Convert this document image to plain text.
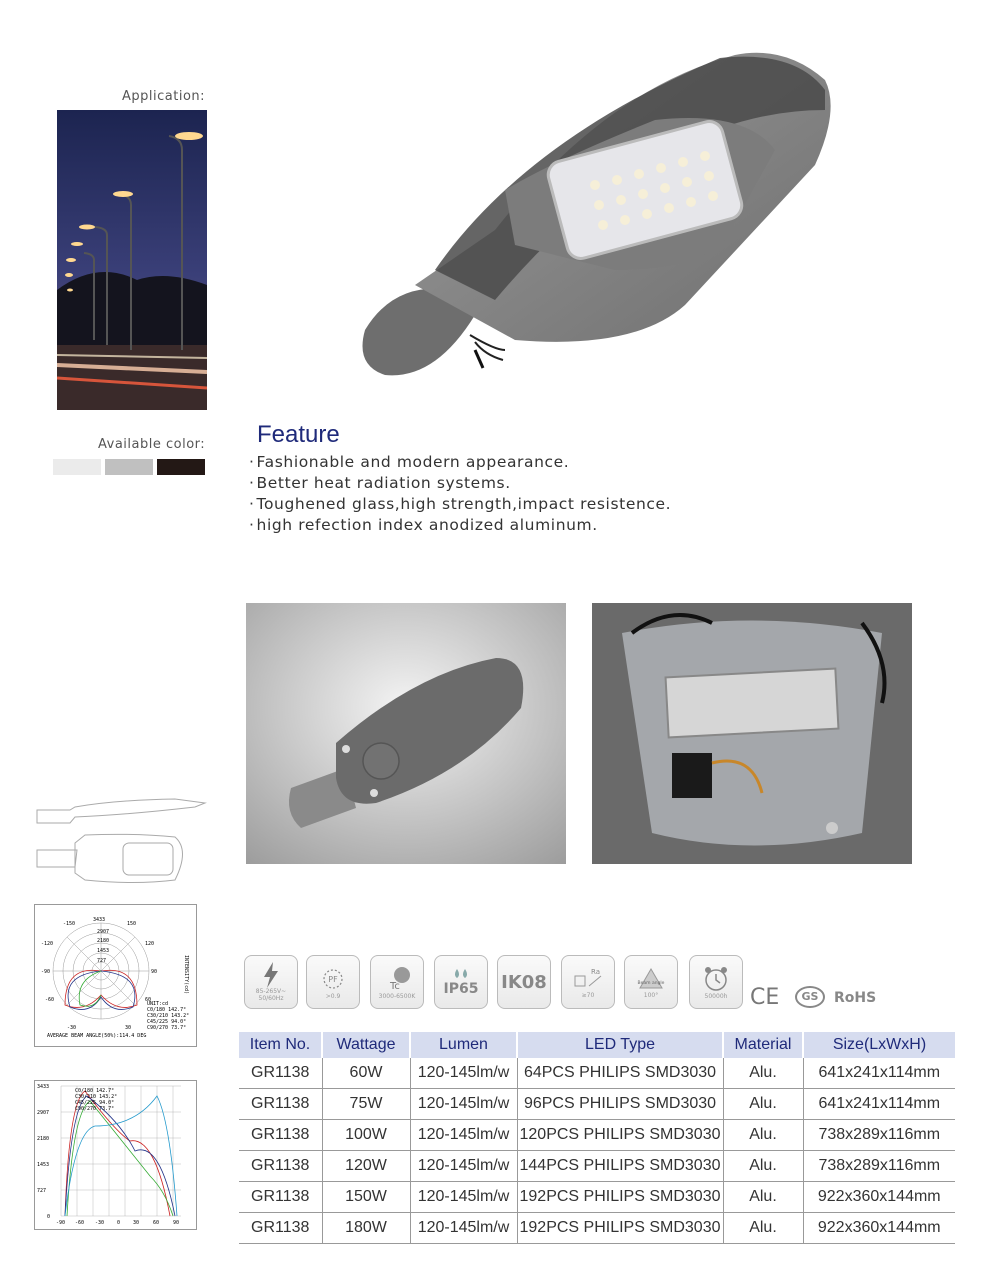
Application:
Available color: Feature
· Fashionable and modern appearance.
· Better heat radiation systems.
· Toughened glass,high strength,impact resistence.
· high refection index anodized aluminum.
-150
3433
150
2907
2180
1453
727
-120
-90
-60
120
90
60
-30	30
UNIT:cd
C0/180 142.7°
C30/210 143.2°
C45/225 94.0°
C90/270 73.7°
INTENSITY(cd)
AVERAGE BEAM ANGLE(50%):114.4 DEG
3433
2907
2180
1453
727
0
-90 -60 -30	0	30	60	90
C0/180 142.7°
C30/210 143.2°
C45/225 94.0°
C90/270 73.7°
85-265V~ 50/60Hz
PF
>0.9
Tc
3000-6500K IP65 IK08	Ra
≥70
Beam angle
100°	50000h CE	GS	RoHS
Item No.	Wattage	Lumen	LED Type	Material	Size(LxWxH)
GR1138	60W	120-145lm/w	64PCS PHILIPS SMD3030	Alu.	641x241x114mm
GR1138	75W	120-145lm/w	96PCS PHILIPS SMD3030	Alu.	641x241x114mm
GR1138	100W	120-145lm/w	120PCS PHILIPS SMD3030	Alu.	738x289x116mm
GR1138	120W	120-145lm/w	144PCS PHILIPS SMD3030	Alu.	738x289x116mm
GR1138	150W	120-145lm/w	192PCS PHILIPS SMD3030	Alu.	922x360x144mm
GR1138	180W	120-145lm/w	192PCS PHILIPS SMD3030	Alu.	922x360x144mm
